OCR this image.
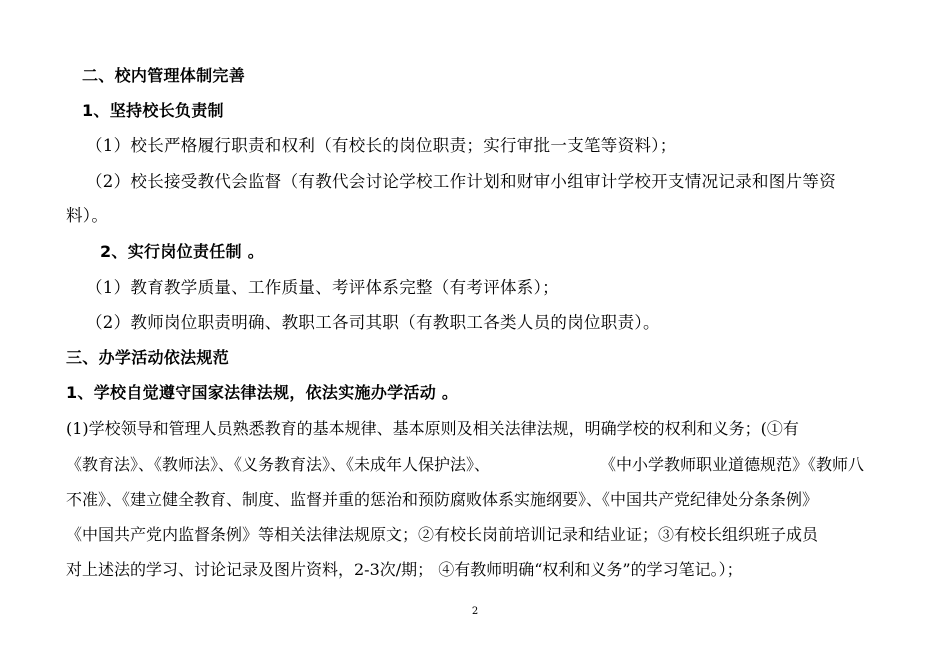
二、校内管理体制完善
1、坚持校长负责制
（1）校长严格履行职责和权利（有校长的岗位职责；实行审批一支笔等资料）；
（2）校长接受教代会监督（有教代会讨论学校工作计划和财审小组审计学校开支情况记录和图片等资
料）。
2、实行岗位责任制 。
（1）教育教学质量、工作质量、考评体系完整（有考评体系）；
（2）教师岗位职责明确、教职工各司其职（有教职工各类人员的岗位职责）。
三、办学活动依法规范
1、学校自觉遵守国家法律法规，依法实施办学活动 。
(1)学校领导和管理人员熟悉教育的基本规律、基本原则及相关法律法规，明确学校的权利和义务；(①有
《教育法》、《教师法》、《义务教育法》、《未成年人保护法》、	《中小学教师职业道德规范》《教师八
不准》、《建立健全教育、制度、监督并重的惩治和预防腐败体系实施纲要》、《中国共产党纪律处分条条例》
《中国共产党内监督条例》等相关法律法规原文；②有校长岗前培训记录和结业证；③有校长组织班子成员
对上述法的学习、讨论记录及图片资料，2-3次/期； ④有教师明确“权利和义务”的学习笔记。）；
2
